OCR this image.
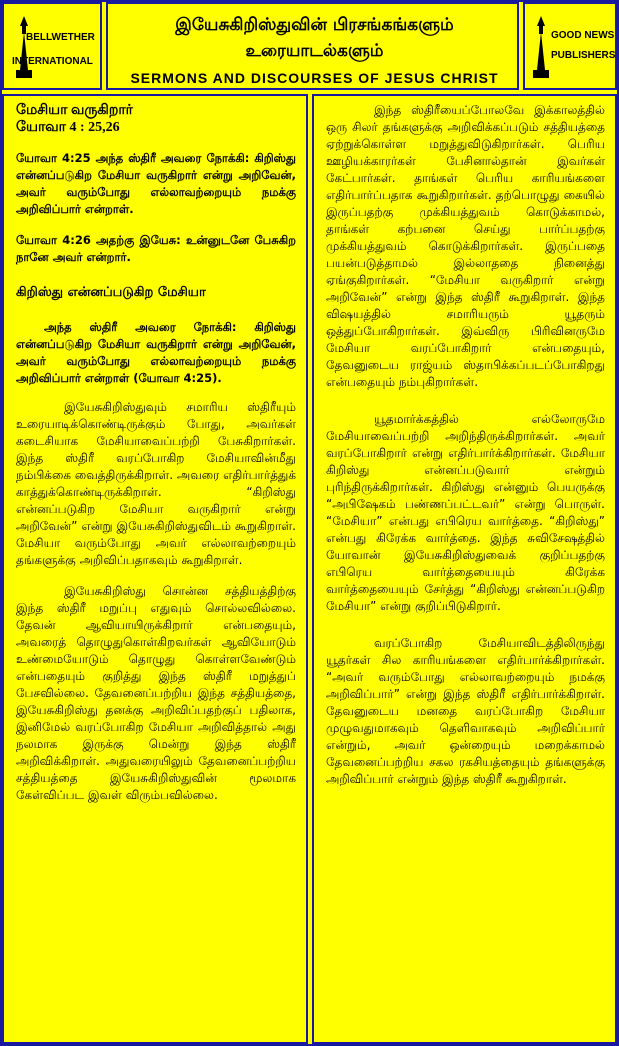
BELLWETHER
INTERNATIONAL
இயேசுகிறிஸ்துவின் பிரசங்கங்களும்
உரையாடல்களும்
SERMONS AND DISCOURSES OF JESUS CHRIST
GOOD NEWS
PUBLISHERS
மேசியா வருகிறார்
யோவா 4 : 25,26
யோவா 4:25 அந்த ஸ்திரீ அவரை நோக்கி: கிறிஸ்து என்னப்படுகிற மேசியா வருகிறார் என்று அறிவேன், அவர் வரும்போது எல்லாவற்றையும் நமக்கு அறிவிப்பார் என்றாள்.
யோவா 4:26 அதற்கு இயேசு: உன்னுடனே பேசுகிற நானே அவர் என்றார்.
கிறிஸ்து என்னப்படுகிற மேசியா
அந்த ஸ்திரீ அவரை நோக்கி: கிறிஸ்து என்னப்படுகிற மேசியா வருகிறார் என்று அறிவேன், அவர் வரும்போது எல்லாவற்றையும் நமக்கு அறிவிப்பார் என்றாள் (யோவா 4:25).

இயேசுகிறிஸ்துவும் சமாரிய ஸ்திரீயும் உரையாடிக்கொண்டிருக்கும் போது, அவர்கள் கடைசியாக மேசியாவைப்பற்றி பேசுகிறார்கள். இந்த ஸ்திரீ வரப்போகிற மேசியாவின்மீது நம்பிக்கை வைத்திருக்கிறாள். அவரை எதிர்பார்த்துக் காத்துக்கொண்டிருக்கிறாள். “கிறிஸ்து என்னப்படுகிற மேசியா வருகிறார் என்று அறிவேன்” என்று இயேசுகிறிஸ்துவிடம் கூறுகிறாள். மேசியா வரும்போது அவர் எல்லாவற்றையும் தங்களுக்கு அறிவிப்பதாகவும் கூறுகிறாள்.

இயேசுகிறிஸ்து சொன்ன சத்தியத்திற்கு இந்த ஸ்திரீ மறுப்பு எதுவும் சொல்லவில்லை. தேவன் ஆவியாயிருக்கிறார் என்பதையும், அவரைத் தொழுதுகொள்கிறவர்கள் ஆவியோடும் உண்மையோடும் தொழுது கொள்ளவேண்டும் என்பதையும் குறித்து இந்த ஸ்திரீ மறுத்துப் பேசவில்லை. தேவனைப்பற்றிய இந்த சத்தியத்தை, இயேசுகிறிஸ்து தனக்கு அறிவிப்பதற்குப் பதிலாக, இனிமேல் வரப்போகிற மேசியா அறிவித்தால் அது நலமாக இருக்கு மென்று இந்த ஸ்திரீ அறிவிக்கிறாள். அதுவரையிலும் தேவனைப்பற்றிய சத்தியத்தை இயேசுகிறிஸ்துவின் மூலமாக கேள்விப்பட இவள் விரும்பவில்லை.

இந்த ஸ்திரீயைப்போலவே இக்காலத்தில் ஒரு சிலர் தங்களுக்கு அறிவிக்கப்படும் சத்தியத்தை ஏற்றுக்கொள்ள மறுத்துவிடுகிறார்கள். பெரிய ஊழியக்காரர்கள் பேசினால்தான் இவர்கள் கேட்பார்கள். தாங்கள் பெரிய காரியங்களை எதிர்பார்ப்பதாக கூறுகிறார்கள். தற்பொழுது கையில் இருப்பதற்கு முக்கியத்துவம் கொடுக்காமல், தாங்கள் கற்பனை செய்து பார்ப்பதற்கு முக்கியத்துவம் கொடுக்கிறார்கள். இருப்பதை பயன்படுத்தாமல் இல்லாததை நினைத்து ஏங்குகிறார்கள். “மேசியா வருகிறார் என்று அறிவேன்” என்று இந்த ஸ்திரீ கூறுகிறாள். இந்த விஷயத்தில் சமாரியரும் யூதரும் ஒத்துப்போகிறார்கள். இவ்விரு பிரிவினருமே மேசியா வரப்போகிறார் என்பதையும், தேவனுடைய ராஜ்யம் ஸ்தாபிக்கப்படப்போகிறது என்பதையும் நம்புகிறார்கள்.

யூதமார்க்கத்தில் எல்லோருமே மேசியாவைப்பற்றி அறிந்திருக்கிறார்கள். அவர் வரப்போகிறார் என்று எதிர்பார்க்கிறார்கள். மேசியா கிறிஸ்து என்னப்படுவார் என்றும் புரிந்திருக்கிறார்கள். கிறிஸ்து என்னும் பெயருக்கு “அபிஷேகம் பண்ணப்பட்டவர்” என்று பொருள். “மேசியா” என்பது எபிரெய வார்த்தை. “கிறிஸ்து” என்பது கிரேக்க வார்த்தை. இந்த சுவிசேஷத்தில் யோவான் இயேசுகிறிஸ்துவைக் குறிப்பதற்கு எபிரெய வார்த்தையையும் கிரேக்க வார்த்தையையும் சேர்த்து “கிறிஸ்து என்னப்படுகிற மேசியா” என்று குறிப்பிடுகிறார்.

வரப்போகிற மேசியாவிடத்திலிருந்து யூதர்கள் சில காரியங்களை எதிர்பார்க்கிறார்கள். “அவர் வரும்போது எல்லாவற்றையும் நமக்கு அறிவிப்பார்” என்று இந்த ஸ்திரீ எதிர்பார்க்கிறாள். தேவனுடைய மனதை வரப்போகிற மேசியா முழுவதுமாகவும் தெளிவாகவும் அறிவிப்பார் என்றும், அவர் ஒன்றையும் மறைக்காமல் தேவனைப்பற்றிய சகல ரகசியத்தையும் தங்களுக்கு அறிவிப்பார் என்றும் இந்த ஸ்திரீ கூறுகிறாள்.
